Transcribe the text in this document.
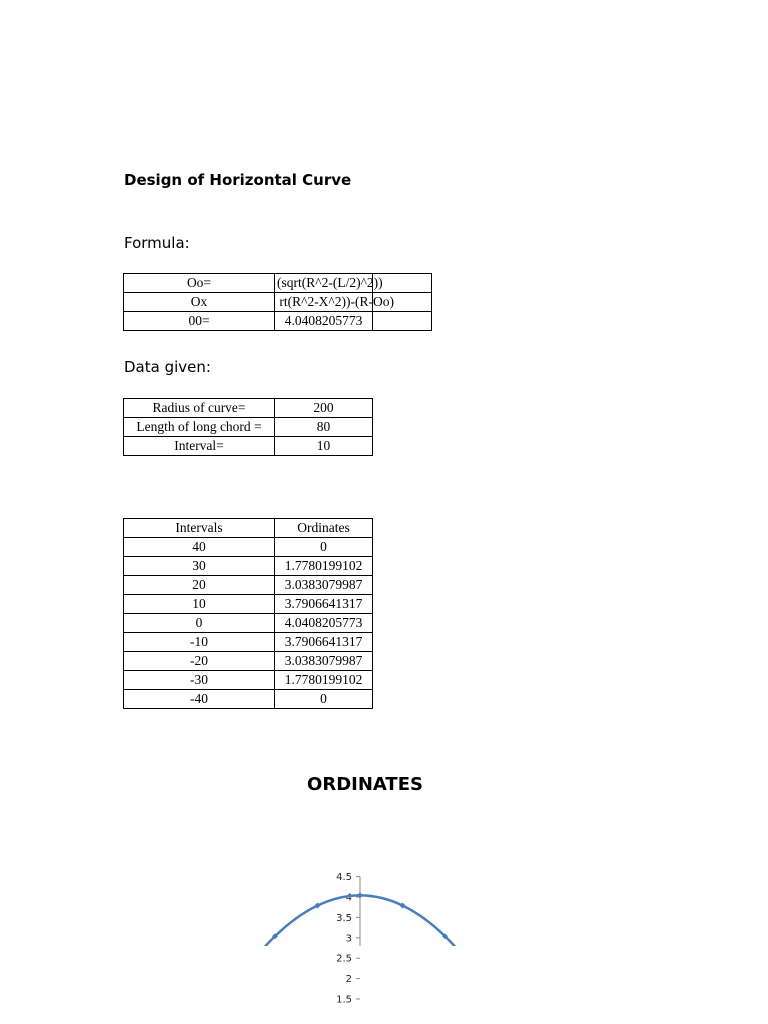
Design of Horizontal Curve
Formula:
Oo=	(sqrt(R^2-(L/2)^2))	

Ox	rt(R^2-X^2))-(R-Oo)	

00=	4.0408205773	
Data given:
Radius of curve=	200
Length of long chord =	80
Interval=	10
Intervals	Ordinates
40	0
30	1.7780199102
20	3.0383079987
10	3.7906641317
0	4.0408205773
-10	3.7906641317
-20	3.0383079987
-30	1.7780199102
-40	0
ORDINATES
4.5
4
3.5
3
2.5
2
1.5
